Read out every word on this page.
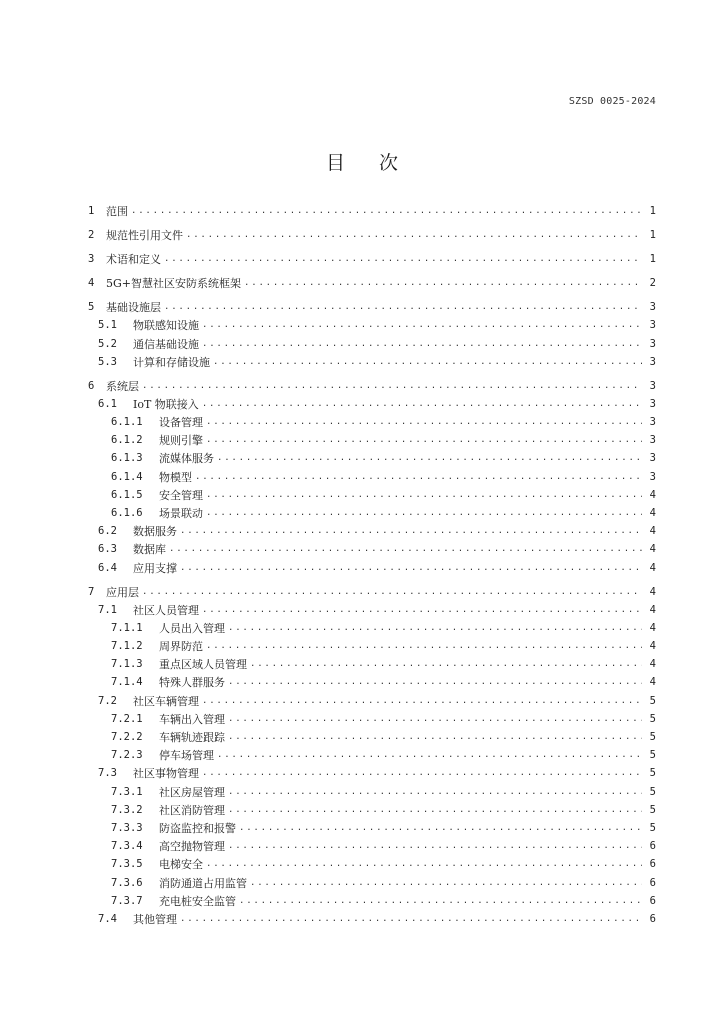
SZSD 0025-2024
目次
1	范围 .....	1
2	规范性引用文件 .....	1
3	术语和定义 .....	1
4	5G+智慧社区安防系统框架 .....	2
5	基础设施层 .....	3
5.1	物联感知设施 .....	3
5.2	通信基础设施 .....	3
5.3	计算和存储设施 .....	3
6	系统层 .....	3
6.1	IoT 物联接入 .....	3
6.1.1	设备管理 .....	3
6.1.2	规则引擎 .....	3
6.1.3	流媒体服务 .....	3
6.1.4	物模型 .....	3
6.1.5	安全管理 .....	4
6.1.6	场景联动 .....	4
6.2	数据服务 .....	4
6.3	数据库 .....	4
6.4	应用支撑 .....	4
7	应用层 .....	4
7.1	社区人员管理 .....	4
7.1.1	人员出入管理 .....	4
7.1.2	周界防范 .....	4
7.1.3	重点区域人员管理 .....	4
7.1.4	特殊人群服务 .....	4
7.2	社区车辆管理 .....	5
7.2.1	车辆出入管理 .....	5
7.2.2	车辆轨迹跟踪 .....	5
7.2.3	停车场管理 .....	5
7.3	社区事物管理 .....	5
7.3.1	社区房屋管理 .....	5
7.3.2	社区消防管理 .....	5
7.3.3	防盗监控和报警 .....	5
7.3.4	高空抛物管理 .....	6
7.3.5	电梯安全 .....	6
7.3.6	消防通道占用监管 .....	6
7.3.7	充电桩安全监管 .....	6
7.4	其他管理 .....	6
